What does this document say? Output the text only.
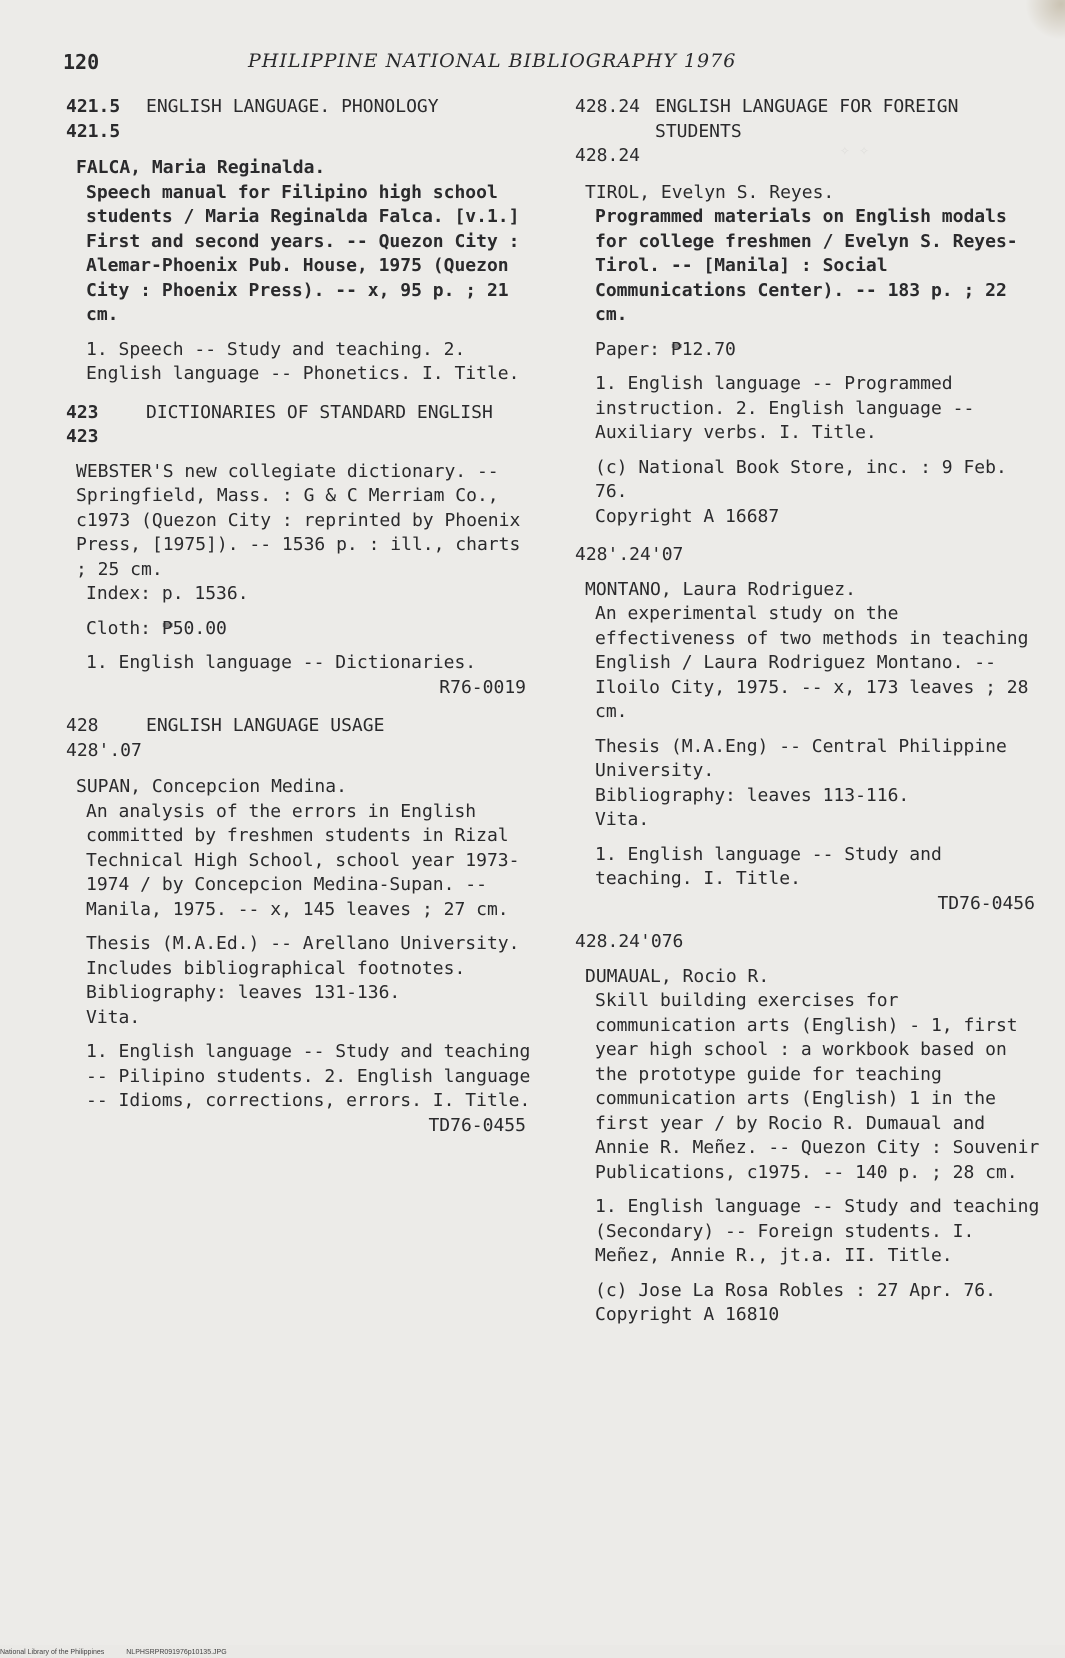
✧ ✧
120	PHILIPPINE NATIONAL BIBLIOGRAPHY 1976
421.5
421.5ENGLISH LANGUAGE. PHONOLOGY
FALCA, Maria Reginalda.
Speech manual for Filipino high school students / Maria Reginalda Falca. [v.1.] First and second years. -- Quezon City : Alemar-Phoenix Pub. House, 1975 (Quezon City : Phoenix Press). -- x, 95 p. ; 21 cm.
1. Speech -- Study and teaching. 2. English language -- Phonetics. I. Title.
423
423DICTIONARIES OF STANDARD ENGLISH
WEBSTER'S new collegiate dictionary. -- Springfield, Mass. : G & C Merriam Co., c1973 (Quezon City : reprinted by Phoenix Press, [1975]). -- 1536 p. : ill., charts ; 25 cm.
Index: p. 1536.
Cloth: ₱50.00
1. English language -- Dictionaries.
R76-0019
428
428'.07ENGLISH LANGUAGE USAGE
SUPAN, Concepcion Medina.
An analysis of the errors in English committed by freshmen students in Rizal Technical High School, school year 1973-1974 / by Concepcion Medina-Supan. -- Manila, 1975. -- x, 145 leaves ; 27 cm.
Thesis (M.A.Ed.) -- Arellano University.
Includes bibliographical footnotes.
Bibliography: leaves 131-136.
Vita.
1. English language -- Study and teaching -- Pilipino students. 2. English language -- Idioms, corrections, errors. I. Title.
TD76-0455
428.24

428.24ENGLISH LANGUAGE FOR FOREIGN STUDENTS
TIROL, Evelyn S. Reyes.
Programmed materials on English modals for college freshmen / Evelyn S. Reyes-Tirol. -- [Manila] : Social Communications Center). -- 183 p. ; 22 cm.
Paper: ₱12.70
1. English language -- Programmed instruction. 2. English language -- Auxiliary verbs. I. Title.
(c) National Book Store, inc. : 9 Feb. 76.
Copyright A 16687
428'.24'07
MONTANO, Laura Rodriguez.
An experimental study on the effectiveness of two methods in teaching English / Laura Rodriguez Montano. -- Iloilo City, 1975. -- x, 173 leaves ; 28 cm.
Thesis (M.A.Eng) -- Central Philippine University.
Bibliography: leaves 113-116.
Vita.
1. English language -- Study and teaching. I. Title.
TD76-0456
428.24'076
DUMAUAL, Rocio R.
Skill building exercises for communication arts (English) - 1, first year high school : a workbook based on the prototype guide for teaching communication arts (English) 1 in the first year / by Rocio R. Dumaual and Annie R. Meñez. -- Quezon City : Souvenir Publications, c1975. -- 140 p. ; 28 cm.
1. English language -- Study and teaching (Secondary) -- Foreign students. I. Meñez, Annie R., jt.a. II. Title.
(c) Jose La Rosa Robles : 27 Apr. 76.
Copyright A 16810
National Library of the Philippines	NLPHSRPR091976p10135.JPG
